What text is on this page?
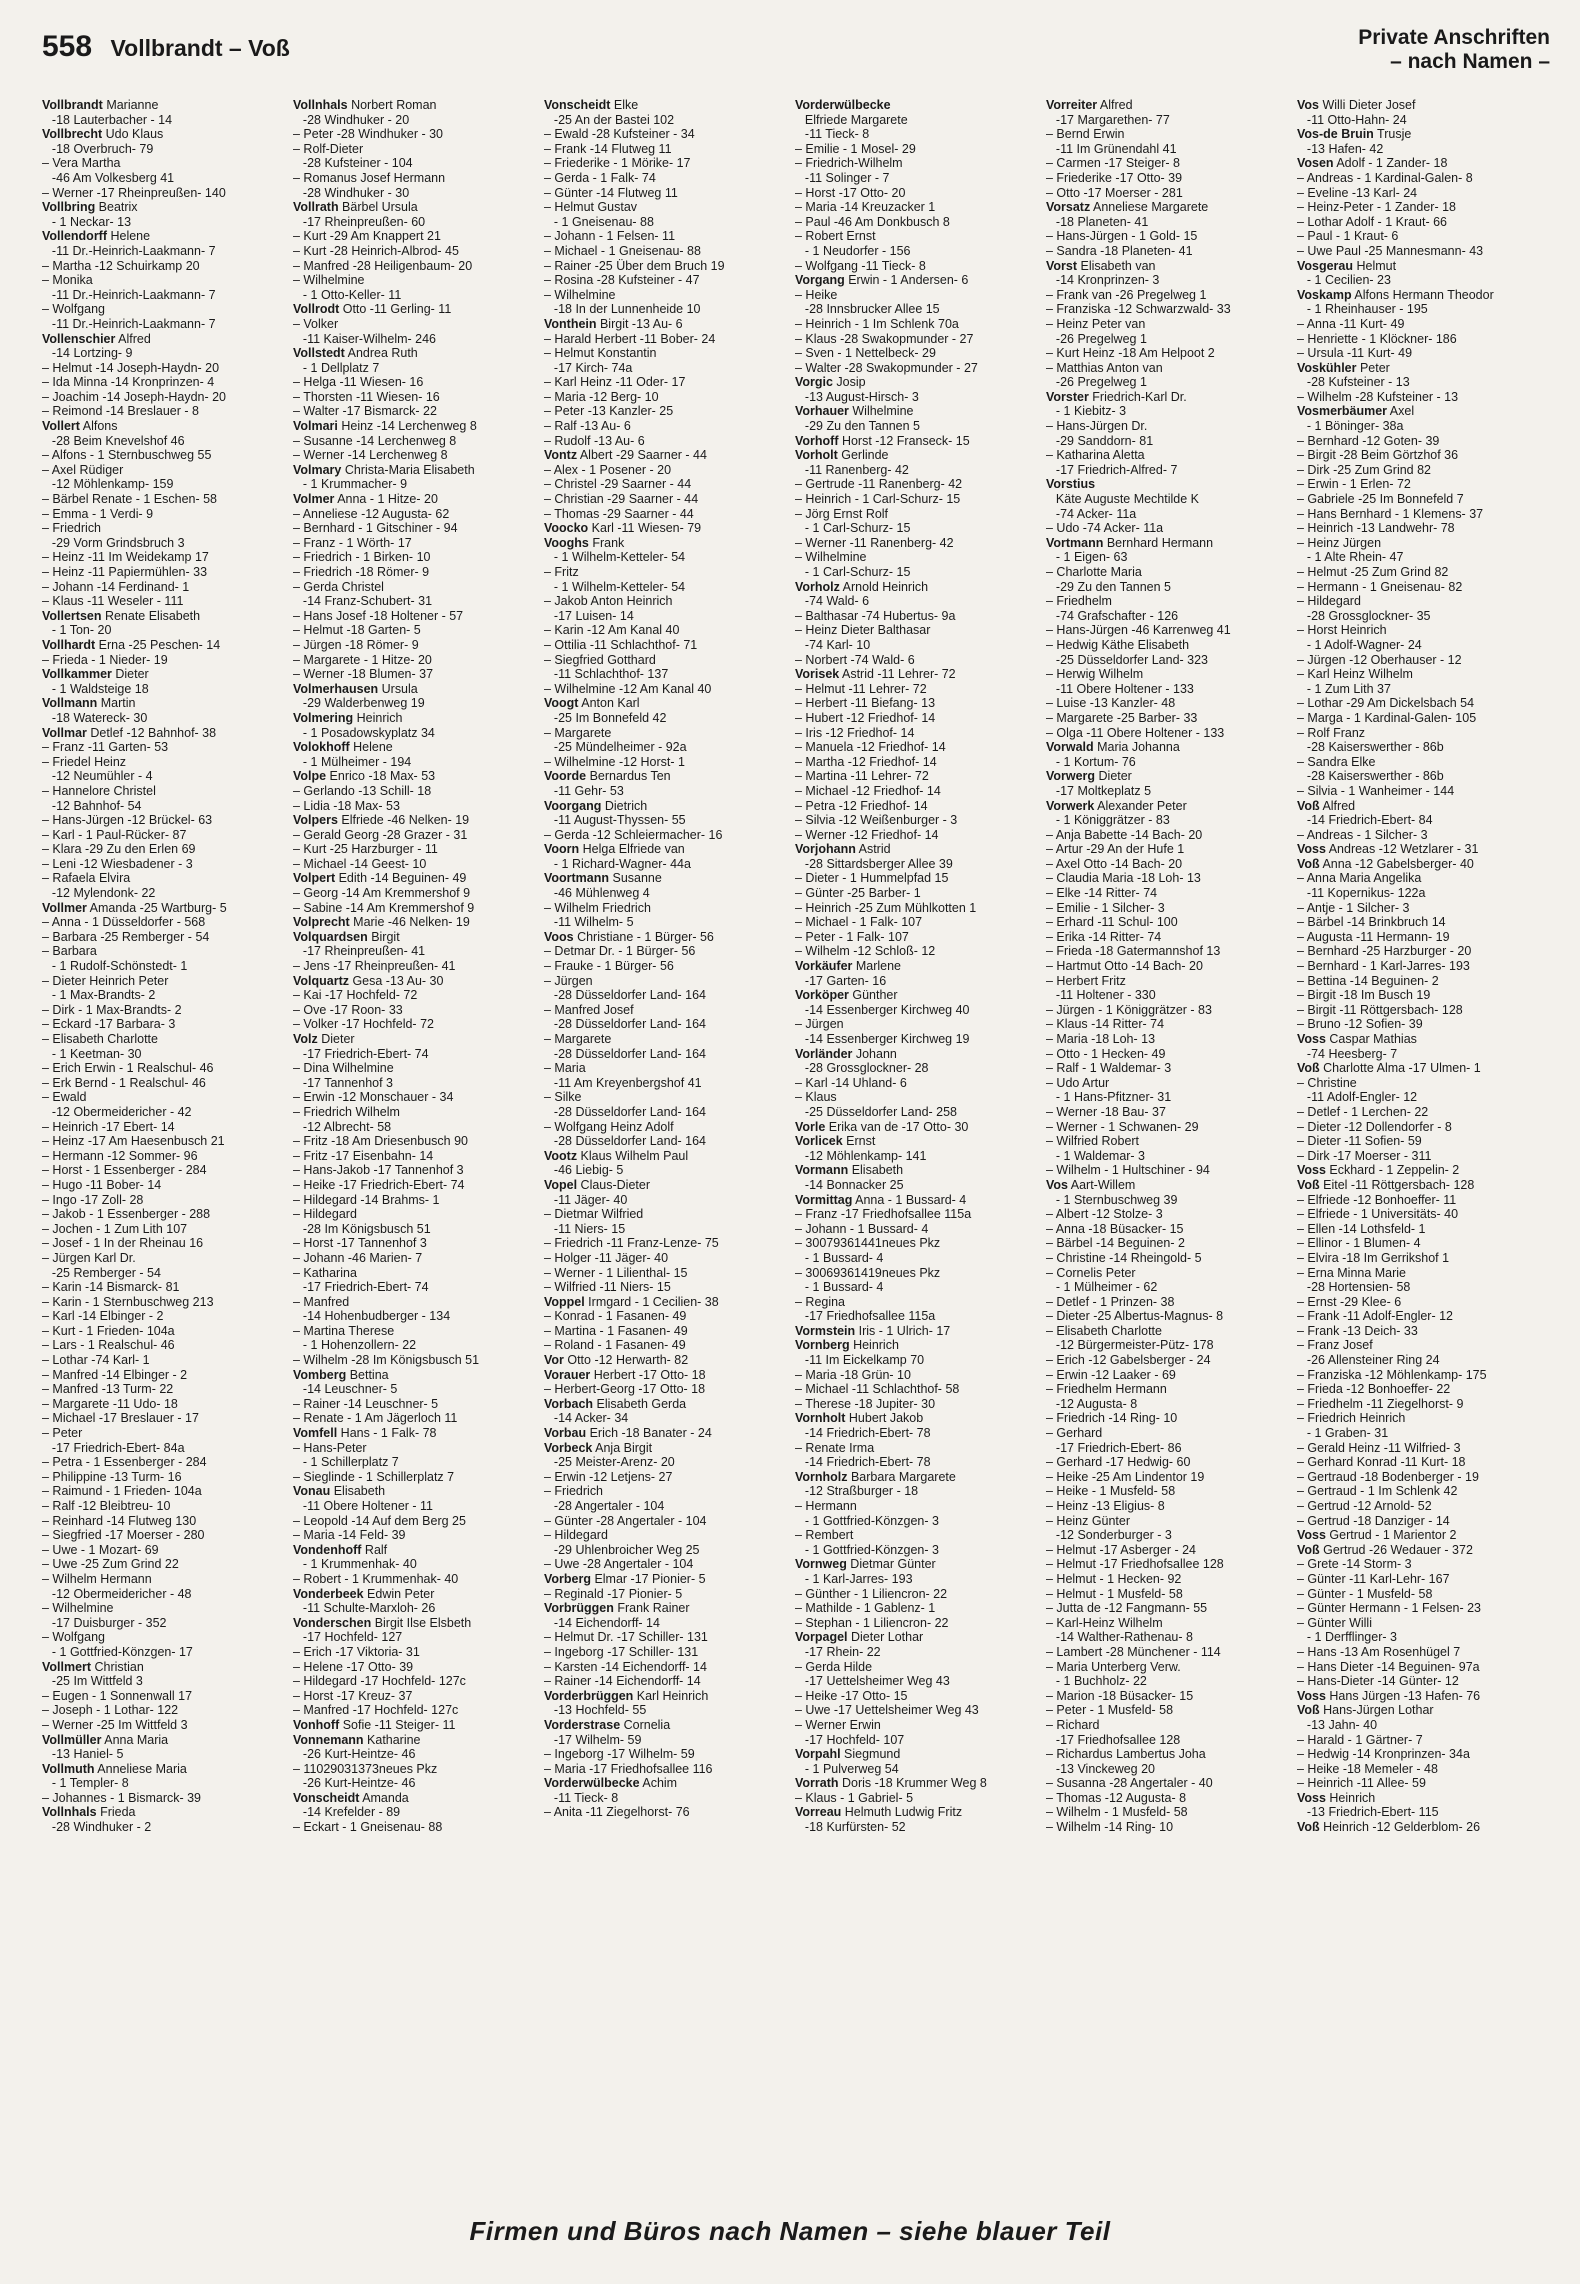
558 Vollbrandt – Voß	Private Anschriften
– nach Namen –
Vollbrandt Marianne
-18 Lauterbacher - 14
Vollbrecht Udo Klaus
-18 Overbruch- 79
– Vera Martha
-46 Am Volkesberg 41
– Werner -17 Rheinpreußen- 140
Vollbring Beatrix
- 1 Neckar- 13
Vollendorff Helene
-11 Dr.-Heinrich-Laakmann- 7
– Martha -12 Schuirkamp 20
– Monika
-11 Dr.-Heinrich-Laakmann- 7
– Wolfgang
-11 Dr.-Heinrich-Laakmann- 7
Vollenschier Alfred
-14 Lortzing- 9
– Helmut -14 Joseph-Haydn- 20
– Ida Minna -14 Kronprinzen- 4
– Joachim -14 Joseph-Haydn- 20
– Reimond -14 Breslauer - 8
Vollert Alfons
-28 Beim Knevelshof 46
– Alfons - 1 Sternbuschweg 55
– Axel Rüdiger
-12 Möhlenkamp- 159
– Bärbel Renate - 1 Eschen- 58
– Emma - 1 Verdi- 9
– Friedrich
-29 Vorm Grindsbruch 3
– Heinz -11 Im Weidekamp 17
– Heinz -11 Papiermühlen- 33
– Johann -14 Ferdinand- 1
– Klaus -11 Weseler - 111
Vollertsen Renate Elisabeth
- 1 Ton- 20
Vollhardt Erna -25 Peschen- 14
– Frieda - 1 Nieder- 19
Vollkammer Dieter
- 1 Waldsteige 18
Vollmann Martin
-18 Watereck- 30
Vollmar Detlef -12 Bahnhof- 38
– Franz -11 Garten- 53
– Friedel Heinz
-12 Neumühler - 4
– Hannelore Christel
-12 Bahnhof- 54
– Hans-Jürgen -12 Brückel- 63
– Karl - 1 Paul-Rücker- 87
– Klara -29 Zu den Erlen 69
– Leni -12 Wiesbadener - 3
– Rafaela Elvira
-12 Mylendonk- 22
Vollmer Amanda -25 Wartburg- 5
– Anna - 1 Düsseldorfer - 568
– Barbara -25 Remberger - 54
– Barbara
- 1 Rudolf-Schönstedt- 1
– Dieter Heinrich Peter
- 1 Max-Brandts- 2
– Dirk - 1 Max-Brandts- 2
– Eckard -17 Barbara- 3
– Elisabeth Charlotte
- 1 Keetman- 30
– Erich Erwin - 1 Realschul- 46
– Erk Bernd - 1 Realschul- 46
– Ewald
-12 Obermeidericher - 42
– Heinrich -17 Ebert- 14
– Heinz -17 Am Haesenbusch 21
– Hermann -12 Sommer- 96
– Horst - 1 Essenberger - 284
– Hugo -11 Bober- 14
– Ingo -17 Zoll- 28
– Jakob - 1 Essenberger - 288
– Jochen - 1 Zum Lith 107
– Josef - 1 In der Rheinau 16
– Jürgen Karl Dr.
-25 Remberger - 54
– Karin -14 Bismarck- 81
– Karin - 1 Sternbuschweg 213
– Karl -14 Elbinger - 2
– Kurt - 1 Frieden- 104a
– Lars - 1 Realschul- 46
– Lothar -74 Karl- 1
– Manfred -14 Elbinger - 2
– Manfred -13 Turm- 22
– Margarete -11 Udo- 18
– Michael -17 Breslauer - 17
– Peter
-17 Friedrich-Ebert- 84a
– Petra - 1 Essenberger - 284
– Philippine -13 Turm- 16
– Raimund - 1 Frieden- 104a
– Ralf -12 Bleibtreu- 10
– Reinhard -14 Flutweg 130
– Siegfried -17 Moerser - 280
– Uwe - 1 Mozart- 69
– Uwe -25 Zum Grind 22
– Wilhelm Hermann
-12 Obermeidericher - 48
– Wilhelmine
-17 Duisburger - 352
– Wolfgang
- 1 Gottfried-Könzgen- 17
Vollmert Christian
-25 Im Wittfeld 3
– Eugen - 1 Sonnenwall 17
– Joseph - 1 Lothar- 122
– Werner -25 Im Wittfeld 3
Vollmüller Anna Maria
-13 Haniel- 5
Vollmuth Anneliese Maria
- 1 Templer- 8
– Johannes - 1 Bismarck- 39
Vollnhals Frieda
-28 Windhuker - 2
Vollnhals Norbert Roman
-28 Windhuker - 20
– Peter -28 Windhuker - 30
– Rolf-Dieter
-28 Kufsteiner - 104
– Romanus Josef Hermann
-28 Windhuker - 30
Vollrath Bärbel Ursula
-17 Rheinpreußen- 60
– Kurt -29 Am Knappert 21
– Kurt -28 Heinrich-Albrod- 45
– Manfred -28 Heiligenbaum- 20
– Wilhelmine
- 1 Otto-Keller- 11
Vollrodt Otto -11 Gerling- 11
– Volker
-11 Kaiser-Wilhelm- 246
Vollstedt Andrea Ruth
- 1 Dellplatz 7
– Helga -11 Wiesen- 16
– Thorsten -11 Wiesen- 16
– Walter -17 Bismarck- 22
Volmari Heinz -14 Lerchenweg 8
– Susanne -14 Lerchenweg 8
– Werner -14 Lerchenweg 8
Volmary Christa-Maria Elisabeth
- 1 Krummacher- 9
Volmer Anna - 1 Hitze- 20
– Anneliese -12 Augusta- 62
– Bernhard - 1 Gitschiner - 94
– Franz - 1 Wörth- 17
– Friedrich - 1 Birken- 10
– Friedrich -18 Römer- 9
– Gerda Christel
-14 Franz-Schubert- 31
– Hans Josef -18 Holtener - 57
– Helmut -18 Garten- 5
– Jürgen -18 Römer- 9
– Margarete - 1 Hitze- 20
– Werner -18 Blumen- 37
Volmerhausen Ursula
-29 Walderbenweg 19
Volmering Heinrich
- 1 Posadowskyplatz 34
Volokhoff Helene
- 1 Mülheimer - 194
Volpe Enrico -18 Max- 53
– Gerlando -13 Schill- 18
– Lidia -18 Max- 53
Volpers Elfriede -46 Nelken- 19
– Gerald Georg -28 Grazer - 31
– Kurt -25 Harzburger - 11
– Michael -14 Geest- 10
Volpert Edith -14 Beguinen- 49
– Georg -14 Am Kremmershof 9
– Sabine -14 Am Kremmershof 9
Volprecht Marie -46 Nelken- 19
Volquardsen Birgit
-17 Rheinpreußen- 41
– Jens -17 Rheinpreußen- 41
Volquartz Gesa -13 Au- 30
– Kai -17 Hochfeld- 72
– Ove -17 Roon- 33
– Volker -17 Hochfeld- 72
Volz Dieter
-17 Friedrich-Ebert- 74
– Dina Wilhelmine
-17 Tannenhof 3
– Erwin -12 Monschauer - 34
– Friedrich Wilhelm
-12 Albrecht- 58
– Fritz -18 Am Driesenbusch 90
– Fritz -17 Eisenbahn- 14
– Hans-Jakob -17 Tannenhof 3
– Heike -17 Friedrich-Ebert- 74
– Hildegard -14 Brahms- 1
– Hildegard
-28 Im Königsbusch 51
– Horst -17 Tannenhof 3
– Johann -46 Marien- 7
– Katharina
-17 Friedrich-Ebert- 74
– Manfred
-14 Hohenbudberger - 134
– Martina Therese
- 1 Hohenzollern- 22
– Wilhelm -28 Im Königsbusch 51
Vomberg Bettina
-14 Leuschner- 5
– Rainer -14 Leuschner- 5
– Renate - 1 Am Jägerloch 11
Vomfell Hans - 1 Falk- 78
– Hans-Peter
- 1 Schillerplatz 7
– Sieglinde - 1 Schillerplatz 7
Vonau Elisabeth
-11 Obere Holtener - 11
– Leopold -14 Auf dem Berg 25
– Maria -14 Feld- 39
Vondenhoff Ralf
- 1 Krummenhak- 40
– Robert - 1 Krummenhak- 40
Vonderbeek Edwin Peter
-11 Schulte-Marxloh- 26
Vonderschen Birgit Ilse Elsbeth
-17 Hochfeld- 127
– Erich -17 Viktoria- 31
– Helene -17 Otto- 39
– Hildegard -17 Hochfeld- 127c
– Horst -17 Kreuz- 37
– Manfred -17 Hochfeld- 127c
Vonhoff Sofie -11 Steiger- 11
Vonnemann Katharine
-26 Kurt-Heintze- 46
– 11029031373neues Pkz
-26 Kurt-Heintze- 46
Vonscheidt Amanda
-14 Krefelder - 89
– Eckart - 1 Gneisenau- 88
Vonscheidt Elke
-25 An der Bastei 102
– Ewald -28 Kufsteiner - 34
– Frank -14 Flutweg 11
– Friederike - 1 Mörike- 17
– Gerda - 1 Falk- 74
– Günter -14 Flutweg 11
– Helmut Gustav
- 1 Gneisenau- 88
– Johann - 1 Felsen- 11
– Michael - 1 Gneisenau- 88
– Rainer -25 Über dem Bruch 19
– Rosina -28 Kufsteiner - 47
– Wilhelmine
-18 In der Lunnenheide 10
Vonthein Birgit -13 Au- 6
– Harald Herbert -11 Bober- 24
– Helmut Konstantin
-17 Kirch- 74a
– Karl Heinz -11 Oder- 17
– Maria -12 Berg- 10
– Peter -13 Kanzler- 25
– Ralf -13 Au- 6
– Rudolf -13 Au- 6
Vontz Albert -29 Saarner - 44
– Alex - 1 Posener - 20
– Christel -29 Saarner - 44
– Christian -29 Saarner - 44
– Thomas -29 Saarner - 44
Voocko Karl -11 Wiesen- 79
Vooghs Frank
- 1 Wilhelm-Ketteler- 54
– Fritz
- 1 Wilhelm-Ketteler- 54
– Jakob Anton Heinrich
-17 Luisen- 14
– Karin -12 Am Kanal 40
– Ottilia -11 Schlachthof- 71
– Siegfried Gotthard
-11 Schlachthof- 137
– Wilhelmine -12 Am Kanal 40
Voogt Anton Karl
-25 Im Bonnefeld 42
– Margarete
-25 Mündelheimer - 92a
– Wilhelmine -12 Horst- 1
Voorde Bernardus Ten
-11 Gehr- 53
Voorgang Dietrich
-11 August-Thyssen- 55
– Gerda -12 Schleiermacher- 16
Voorn Helga Elfriede van
- 1 Richard-Wagner- 44a
Voortmann Susanne
-46 Mühlenweg 4
– Wilhelm Friedrich
-11 Wilhelm- 5
Voos Christiane - 1 Bürger- 56
– Detmar Dr. - 1 Bürger- 56
– Frauke - 1 Bürger- 56
– Jürgen
-28 Düsseldorfer Land- 164
– Manfred Josef
-28 Düsseldorfer Land- 164
– Margarete
-28 Düsseldorfer Land- 164
– Maria
-11 Am Kreyenbergshof 41
– Silke
-28 Düsseldorfer Land- 164
– Wolfgang Heinz Adolf
-28 Düsseldorfer Land- 164
Vootz Klaus Wilhelm Paul
-46 Liebig- 5
Vopel Claus-Dieter
-11 Jäger- 40
– Dietmar Wilfried
-11 Niers- 15
– Friedrich -11 Franz-Lenze- 75
– Holger -11 Jäger- 40
– Werner - 1 Lilienthal- 15
– Wilfried -11 Niers- 15
Voppel Irmgard - 1 Cecilien- 38
– Konrad - 1 Fasanen- 49
– Martina - 1 Fasanen- 49
– Roland - 1 Fasanen- 49
Vor Otto -12 Herwarth- 82
Vorauer Herbert -17 Otto- 18
– Herbert-Georg -17 Otto- 18
Vorbach Elisabeth Gerda
-14 Acker- 34
Vorbau Erich -18 Banater - 24
Vorbeck Anja Birgit
-25 Meister-Arenz- 20
– Erwin -12 Letjens- 27
– Friedrich
-28 Angertaler - 104
– Günter -28 Angertaler - 104
– Hildegard
-29 Uhlenbroicher Weg 25
– Uwe -28 Angertaler - 104
Vorberg Elmar -17 Pionier- 5
– Reginald -17 Pionier- 5
Vorbrüggen Frank Rainer
-14 Eichendorff- 14
– Helmut Dr. -17 Schiller- 131
– Ingeborg -17 Schiller- 131
– Karsten -14 Eichendorff- 14
– Rainer -14 Eichendorff- 14
Vorderbrüggen Karl Heinrich
-13 Hochfeld- 55
Vorderstrase Cornelia
-17 Wilhelm- 59
– Ingeborg -17 Wilhelm- 59
– Maria -17 Friedhofsallee 116
Vorderwülbecke Achim
-11 Tieck- 8
– Anita -11 Ziegelhorst- 76
Vorderwülbecke
Elfriede Margarete
-11 Tieck- 8
– Emilie - 1 Mosel- 29
– Friedrich-Wilhelm
-11 Solinger - 7
– Horst -17 Otto- 20
– Maria -14 Kreuzacker 1
– Paul -46 Am Donkbusch 8
– Robert Ernst
- 1 Neudorfer - 156
– Wolfgang -11 Tieck- 8
Vorgang Erwin - 1 Andersen- 6
– Heike
-28 Innsbrucker Allee 15
– Heinrich - 1 Im Schlenk 70a
– Klaus -28 Swakopmunder - 27
– Sven - 1 Nettelbeck- 29
– Walter -28 Swakopmunder - 27
Vorgic Josip
-13 August-Hirsch- 3
Vorhauer Wilhelmine
-29 Zu den Tannen 5
Vorhoff Horst -12 Franseck- 15
Vorholt Gerlinde
-11 Ranenberg- 42
– Gertrude -11 Ranenberg- 42
– Heinrich - 1 Carl-Schurz- 15
– Jörg Ernst Rolf
- 1 Carl-Schurz- 15
– Werner -11 Ranenberg- 42
– Wilhelmine
- 1 Carl-Schurz- 15
Vorholz Arnold Heinrich
-74 Wald- 6
– Balthasar -74 Hubertus- 9a
– Heinz Dieter Balthasar
-74 Karl- 10
– Norbert -74 Wald- 6
Vorisek Astrid -11 Lehrer- 72
– Helmut -11 Lehrer- 72
– Herbert -11 Biefang- 13
– Hubert -12 Friedhof- 14
– Iris -12 Friedhof- 14
– Manuela -12 Friedhof- 14
– Martha -12 Friedhof- 14
– Martina -11 Lehrer- 72
– Michael -12 Friedhof- 14
– Petra -12 Friedhof- 14
– Silvia -12 Weißenburger - 3
– Werner -12 Friedhof- 14
Vorjohann Astrid
-28 Sittardsberger Allee 39
– Dieter - 1 Hummelpfad 15
– Günter -25 Barber- 1
– Heinrich -25 Zum Mühlkotten 1
– Michael - 1 Falk- 107
– Peter - 1 Falk- 107
– Wilhelm -12 Schloß- 12
Vorkäufer Marlene
-17 Garten- 16
Vorköper Günther
-14 Essenberger Kirchweg 40
– Jürgen
-14 Essenberger Kirchweg 19
Vorländer Johann
-28 Grossglockner- 28
– Karl -14 Uhland- 6
– Klaus
-25 Düsseldorfer Land- 258
Vorle Erika van de -17 Otto- 30
Vorlicek Ernst
-12 Möhlenkamp- 141
Vormann Elisabeth
-14 Bonnacker 25
Vormittag Anna - 1 Bussard- 4
– Franz -17 Friedhofsallee 115a
– Johann - 1 Bussard- 4
– 30079361441neues Pkz
- 1 Bussard- 4
– 30069361419neues Pkz
- 1 Bussard- 4
– Regina
-17 Friedhofsallee 115a
Vormstein Iris - 1 Ulrich- 17
Vornberg Heinrich
-11 Im Eickelkamp 70
– Maria -18 Grün- 10
– Michael -11 Schlachthof- 58
– Therese -18 Jupiter- 30
Vornholt Hubert Jakob
-14 Friedrich-Ebert- 78
– Renate Irma
-14 Friedrich-Ebert- 78
Vornholz Barbara Margarete
-12 Straßburger - 18
– Hermann
- 1 Gottfried-Könzgen- 3
– Rembert
- 1 Gottfried-Könzgen- 3
Vornweg Dietmar Günter
- 1 Karl-Jarres- 193
– Günther - 1 Liliencron- 22
– Mathilde - 1 Gablenz- 1
– Stephan - 1 Liliencron- 22
Vorpagel Dieter Lothar
-17 Rhein- 22
– Gerda Hilde
-17 Uettelsheimer Weg 43
– Heike -17 Otto- 15
– Uwe -17 Uettelsheimer Weg 43
– Werner Erwin
-17 Hochfeld- 107
Vorpahl Siegmund
- 1 Pulverweg 54
Vorrath Doris -18 Krummer Weg 8
– Klaus - 1 Gabriel- 5
Vorreau Helmuth Ludwig Fritz
-18 Kurfürsten- 52
Vorreiter Alfred
-17 Margarethen- 77
– Bernd Erwin
-11 Im Grünendahl 41
– Carmen -17 Steiger- 8
– Friederike -17 Otto- 39
– Otto -17 Moerser - 281
Vorsatz Anneliese Margarete
-18 Planeten- 41
– Hans-Jürgen - 1 Gold- 15
– Sandra -18 Planeten- 41
Vorst Elisabeth van
-14 Kronprinzen- 3
– Frank van -26 Pregelweg 1
– Franziska -12 Schwarzwald- 33
– Heinz Peter van
-26 Pregelweg 1
– Kurt Heinz -18 Am Helpoot 2
– Matthias Anton van
-26 Pregelweg 1
Vorster Friedrich-Karl Dr.
- 1 Kiebitz- 3
– Hans-Jürgen Dr.
-29 Sanddorn- 81
– Katharina Aletta
-17 Friedrich-Alfred- 7
Vorstius
Käte Auguste Mechtilde K
-74 Acker- 11a
– Udo -74 Acker- 11a
Vortmann Bernhard Hermann
- 1 Eigen- 63
– Charlotte Maria
-29 Zu den Tannen 5
– Friedhelm
-74 Grafschafter - 126
– Hans-Jürgen -46 Karrenweg 41
– Hedwig Käthe Elisabeth
-25 Düsseldorfer Land- 323
– Herwig Wilhelm
-11 Obere Holtener - 133
– Luise -13 Kanzler- 48
– Margarete -25 Barber- 33
– Olga -11 Obere Holtener - 133
Vorwald Maria Johanna
- 1 Kortum- 76
Vorwerg Dieter
-17 Moltkeplatz 5
Vorwerk Alexander Peter
- 1 Königgrätzer - 83
– Anja Babette -14 Bach- 20
– Artur -29 An der Hufe 1
– Axel Otto -14 Bach- 20
– Claudia Maria -18 Loh- 13
– Elke -14 Ritter- 74
– Emilie - 1 Silcher- 3
– Erhard -11 Schul- 100
– Erika -14 Ritter- 74
– Frieda -18 Gatermannshof 13
– Hartmut Otto -14 Bach- 20
– Herbert Fritz
-11 Holtener - 330
– Jürgen - 1 Königgrätzer - 83
– Klaus -14 Ritter- 74
– Maria -18 Loh- 13
– Otto - 1 Hecken- 49
– Ralf - 1 Waldemar- 3
– Udo Artur
- 1 Hans-Pfitzner- 31
– Werner -18 Bau- 37
– Werner - 1 Schwanen- 29
– Wilfried Robert
- 1 Waldemar- 3
– Wilhelm - 1 Hultschiner - 94
Vos Aart-Willem
- 1 Sternbuschweg 39
– Albert -12 Stolze- 3
– Anna -18 Büsacker- 15
– Bärbel -14 Beguinen- 2
– Christine -14 Rheingold- 5
– Cornelis Peter
- 1 Mülheimer - 62
– Detlef - 1 Prinzen- 38
– Dieter -25 Albertus-Magnus- 8
– Elisabeth Charlotte
-12 Bürgermeister-Pütz- 178
– Erich -12 Gabelsberger - 24
– Erwin -12 Laaker - 69
– Friedhelm Hermann
-12 Augusta- 8
– Friedrich -14 Ring- 10
– Gerhard
-17 Friedrich-Ebert- 86
– Gerhard -17 Hedwig- 60
– Heike -25 Am Lindentor 19
– Heike - 1 Musfeld- 58
– Heinz -13 Eligius- 8
– Heinz Günter
-12 Sonderburger - 3
– Helmut -17 Asberger - 24
– Helmut -17 Friedhofsallee 128
– Helmut - 1 Hecken- 92
– Helmut - 1 Musfeld- 58
– Jutta de -12 Fangmann- 55
– Karl-Heinz Wilhelm
-14 Walther-Rathenau- 8
– Lambert -28 Münchener - 114
– Maria Unterberg Verw.
- 1 Buchholz- 22
– Marion -18 Büsacker- 15
– Peter - 1 Musfeld- 58
– Richard
-17 Friedhofsallee 128
– Richardus Lambertus Joha
-13 Vinckeweg 20
– Susanna -28 Angertaler - 40
– Thomas -12 Augusta- 8
– Wilhelm - 1 Musfeld- 58
– Wilhelm -14 Ring- 10
Vos Willi Dieter Josef
-11 Otto-Hahn- 24
Vos-de Bruin Trusje
-13 Hafen- 42
Vosen Adolf - 1 Zander- 18
– Andreas - 1 Kardinal-Galen- 8
– Eveline -13 Karl- 24
– Heinz-Peter - 1 Zander- 18
– Lothar Adolf - 1 Kraut- 66
– Paul - 1 Kraut- 6
– Uwe Paul -25 Mannesmann- 43
Vosgerau Helmut
- 1 Cecilien- 23
Voskamp Alfons Hermann Theodor
- 1 Rheinhauser - 195
– Anna -11 Kurt- 49
– Henriette - 1 Klöckner- 186
– Ursula -11 Kurt- 49
Voskühler Peter
-28 Kufsteiner - 13
– Wilhelm -28 Kufsteiner - 13
Vosmerbäumer Axel
- 1 Böninger- 38a
– Bernhard -12 Goten- 39
– Birgit -28 Beim Görtzhof 36
– Dirk -25 Zum Grind 82
– Erwin - 1 Erlen- 72
– Gabriele -25 Im Bonnefeld 7
– Hans Bernhard - 1 Klemens- 37
– Heinrich -13 Landwehr- 78
– Heinz Jürgen
- 1 Alte Rhein- 47
– Helmut -25 Zum Grind 82
– Hermann - 1 Gneisenau- 82
– Hildegard
-28 Grossglockner- 35
– Horst Heinrich
- 1 Adolf-Wagner- 24
– Jürgen -12 Oberhauser - 12
– Karl Heinz Wilhelm
- 1 Zum Lith 37
– Lothar -29 Am Dickelsbach 54
– Marga - 1 Kardinal-Galen- 105
– Rolf Franz
-28 Kaiserswerther - 86b
– Sandra Elke
-28 Kaiserswerther - 86b
– Silvia - 1 Wanheimer - 144
Voß Alfred
-14 Friedrich-Ebert- 84
– Andreas - 1 Silcher- 3
Voss Andreas -12 Wetzlarer - 31
Voß Anna -12 Gabelsberger- 40
– Anna Maria Angelika
-11 Kopernikus- 122a
– Antje - 1 Silcher- 3
– Bärbel -14 Brinkbruch 14
– Augusta -11 Hermann- 19
– Bernhard -25 Harzburger - 20
– Bernhard - 1 Karl-Jarres- 193
– Bettina -14 Beguinen- 2
– Birgit -18 Im Busch 19
– Birgit -11 Röttgersbach- 128
– Bruno -12 Sofien- 39
Voss Caspar Mathias
-74 Heesberg- 7
Voß Charlotte Alma -17 Ulmen- 1
– Christine
-11 Adolf-Engler- 12
– Detlef - 1 Lerchen- 22
– Dieter -12 Dollendorfer - 8
– Dieter -11 Sofien- 59
– Dirk -17 Moerser - 311
Voss Eckhard - 1 Zeppelin- 2
Voß Eitel -11 Röttgersbach- 128
– Elfriede -12 Bonhoeffer- 11
– Elfriede - 1 Universitäts- 40
– Ellen -14 Lothsfeld- 1
– Ellinor - 1 Blumen- 4
– Elvira -18 Im Gerrikshof 1
– Erna Minna Marie
-28 Hortensien- 58
– Ernst -29 Klee- 6
– Frank -11 Adolf-Engler- 12
– Frank -13 Deich- 33
– Franz Josef
-26 Allensteiner Ring 24
– Franziska -12 Möhlenkamp- 175
– Frieda -12 Bonhoeffer- 22
– Friedhelm -11 Ziegelhorst- 9
– Friedrich Heinrich
- 1 Graben- 31
– Gerald Heinz -11 Wilfried- 3
– Gerhard Konrad -11 Kurt- 18
– Gertraud -18 Bodenberger - 19
– Gertraud - 1 Im Schlenk 42
– Gertrud -12 Arnold- 52
– Gertrud -18 Danziger - 14
Voss Gertrud - 1 Marientor 2
Voß Gertrud -26 Wedauer - 372
– Grete -14 Storm- 3
– Günter -11 Karl-Lehr- 167
– Günter - 1 Musfeld- 58
– Günter Hermann - 1 Felsen- 23
– Günter Willi
- 1 Derfflinger- 3
– Hans -13 Am Rosenhügel 7
– Hans Dieter -14 Beguinen- 97a
– Hans-Dieter -14 Günter- 12
Voss Hans Jürgen -13 Hafen- 76
Voß Hans-Jürgen Lothar
-13 Jahn- 40
– Harald - 1 Gärtner- 7
– Hedwig -14 Kronprinzen- 34a
– Heike -18 Memeler - 48
– Heinrich -11 Allee- 59
Voss Heinrich
-13 Friedrich-Ebert- 115
Voß Heinrich -12 Gelderblom- 26
Firmen und Büros nach Namen – siehe blauer Teil
